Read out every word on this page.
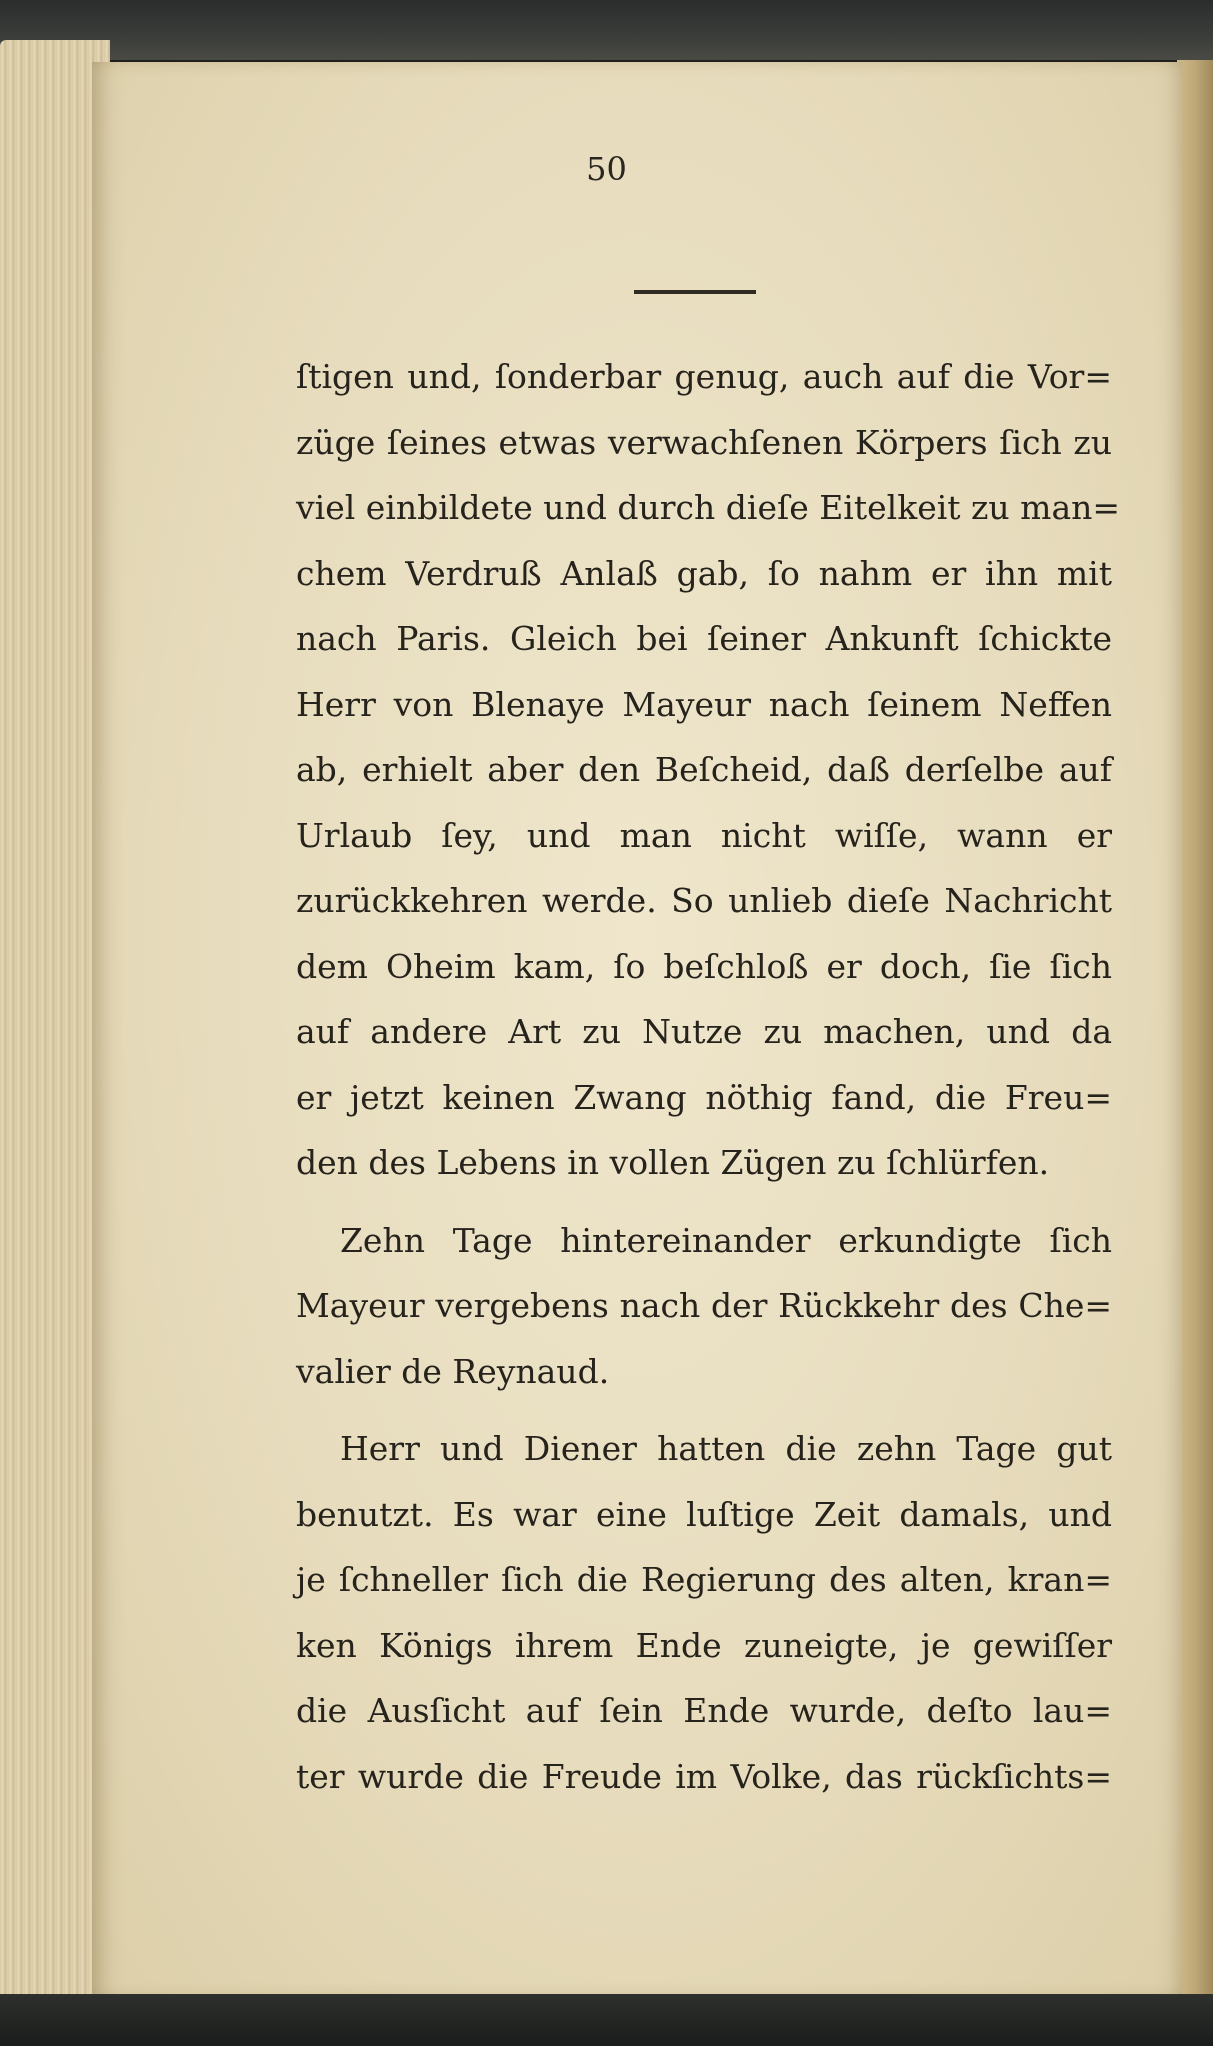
50
ſtigen und, ſonderbar genug, auch auf die Vor=
züge ſeines etwas verwachſenen Körpers ſich zu
viel einbildete und durch dieſe Eitelkeit zu man=
chem Verdruß Anlaß gab, ſo nahm er ihn mit
nach Paris. Gleich bei ſeiner Ankunft ſchickte
Herr von Blenaye Mayeur nach ſeinem Neffen
ab, erhielt aber den Beſcheid, daß derſelbe auf
Urlaub ſey, und man nicht wiſſe, wann er
zurückkehren werde. So unlieb dieſe Nachricht
dem Oheim kam, ſo beſchloß er doch, ſie ſich
auf andere Art zu Nutze zu machen, und da
er jetzt keinen Zwang nöthig fand, die Freu=
den des Lebens in vollen Zügen zu ſchlürfen.
Zehn Tage hintereinander erkundigte ſich
Mayeur vergebens nach der Rückkehr des Che=
valier de Reynaud.
Herr und Diener hatten die zehn Tage gut
benutzt. Es war eine luſtige Zeit damals, und
je ſchneller ſich die Regierung des alten, kran=
ken Königs ihrem Ende zuneigte, je gewiſſer
die Ausſicht auf ſein Ende wurde, deſto lau=
ter wurde die Freude im Volke, das rückſichts=
